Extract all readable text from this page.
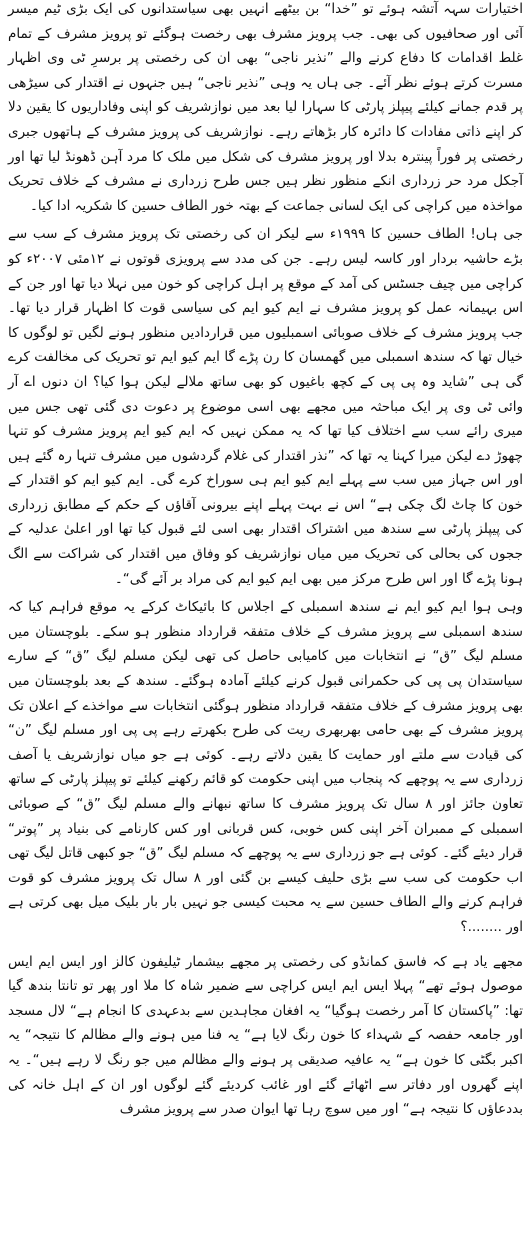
اختیارات سہہ آتشہ ہوئے تو ”خدا“ بن بیٹھے انہیں بھی سیاستدانوں کی ایک بڑی ٹیم میسر آئی اور صحافیوں کی بھی۔ جب پرویز مشرف بھی رخصت ہوگئے تو پرویز مشرف کے تمام غلط اقدامات کا دفاع کرنے والے ”نذیر ناجی“ بھی ان کی رخصتی پر برسرِ ٹی وی اظہار مسرت کرتے ہوئے نظر آئے۔ جی ہاں یہ وہی ”نذیر ناجی“ ہیں جنہوں نے اقتدار کی سیڑھی پر قدم جمانے کیلئے پیپلز پارٹی کا سہارا لیا بعد میں نوازشریف کو اپنی وفاداریوں کا یقین دلا کر اپنے ذاتی مفادات کا دائرہ کار بڑھاتے رہے۔ نوازشریف کی پرویز مشرف کے ہاتھوں جبری رخصتی پر فوراً پینترہ بدلا اور پرویز مشرف کی شکل میں ملک کا مرد آہن ڈھونڈ لیا تھا اور آجکل مرد حر زرداری انکے منظور نظر ہیں جس طرح زرداری نے مشرف کے خلاف تحریک مواخذہ میں کراچی کی ایک لسانی جماعت کے بھتہ خور الطاف حسین کا شکریہ ادا کیا۔

جی ہاں! الطاف حسین کا ١٩٩٩ء سے لیکر ان کی رخصتی تک پرویز مشرف کے سب سے بڑے حاشیہ بردار اور کاسہ لیس رہے۔ جن کی مدد سے پرویزی قوتوں نے ١٢مئی ٢٠٠٧ء کو کراچی میں چیف جسٹس کی آمد کے موقع پر اہل کراچی کو خون میں نہلا دیا تھا اور جن کے اس بہیمانہ عمل کو پرویز مشرف نے ایم کیو ایم کی سیاسی قوت کا اظہار قرار دیا تھا۔ جب پرویز مشرف کے خلاف صوبائی اسمبلیوں میں قراردادیں منظور ہونے لگیں تو لوگوں کا خیال تھا کہ سندھ اسمبلی میں گھمسان کا رن پڑے گا ایم کیو ایم تو تحریک کی مخالفت کرے گی ہی ”شاید وہ پی پی کے کچھ باغیوں کو بھی ساتھ ملالے لیکن ہوا کیا؟ ان دنوں اے آر وائی ٹی وی پر ایک مباحثہ میں مجھے بھی اسی موضوع پر دعوت دی گئی تھی جس میں میری رائے سب سے اختلاف کیا تھا کہ یہ ممکن نہیں کہ ایم کیو ایم پرویز مشرف کو تنہا چھوڑ دے لیکن میرا کہنا یہ تھا کہ ”نذر اقتدار کی غلام گردشوں میں مشرف تنہا رہ گئے ہیں اور اس جہاز میں سب سے پہلے ایم کیو ایم ہی سوراخ کرے گی۔ ایم کیو ایم کو اقتدار کے خون کا چاٹ لگ چکی ہے“ اس نے بہت پہلے اپنے بیرونی آقاؤں کے حکم کے مطابق زرداری کی پیپلز پارٹی سے سندھ میں اشتراک اقتدار بھی اسی لئے قبول کیا تھا اور اعلیٰ عدلیہ کے ججوں کی بحالی کی تحریک میں میاں نوازشریف کو وفاق میں اقتدار کی شراکت سے الگ ہونا پڑے گا اور اس طرح مرکز میں بھی ایم کیو ایم کی مراد بر آئے گی“۔

وہی ہوا ایم کیو ایم نے سندھ اسمبلی کے اجلاس کا بائیکاٹ کرکے یہ موقع فراہم کیا کہ سندھ اسمبلی سے پرویز مشرف کے خلاف متفقہ قرارداد منظور ہو سکے۔ بلوچستان میں مسلم لیگ ”ق“ نے انتخابات میں کامیابی حاصل کی تھی لیکن مسلم لیگ ”ق“ کے سارے سیاستدان پی پی کی حکمرانی قبول کرنے کیلئے آمادہ ہوگئے۔ سندھ کے بعد بلوچستان میں بھی پرویز مشرف کے خلاف متفقہ قرارداد منظور ہوگئی انتخابات سے مواخذے کے اعلان تک پرویز مشرف کے بھی حامی بھربھری ریت کی طرح بکھرتے رہے پی پی اور مسلم لیگ ”ن“ کی قیادت سے ملتے اور حمایت کا یقین دلاتے رہے۔ کوئی ہے جو میاں نوازشریف یا آصف زرداری سے یہ پوچھے کہ پنجاب میں اپنی حکومت کو قائم رکھنے کیلئے تو پیپلز پارٹی کے ساتھ تعاون جائز اور ٨ سال تک پرویز مشرف کا ساتھ نبھانے والے مسلم لیگ ”ق“ کے صوبائی اسمبلی کے ممبران آخر اپنی کس خوبی، کس قربانی اور کس کارنامے کی بنیاد پر ”پوتر“ قرار دیئے گئے۔ کوئی ہے جو زرداری سے یہ پوچھے کہ مسلم لیگ ”ق“ جو کبھی قاتل لیگ تھی اب حکومت کی سب سے بڑی حلیف کیسے بن گئی اور ٨ سال تک پرویز مشرف کو قوت فراہم کرنے والے الطاف حسین سے یہ محبت کیسی جو نہیں بار بار بلیک میل بھی کرتی ہے اور ........؟

مجھے یاد ہے کہ فاسق کمانڈو کی رخصتی پر مجھے بیشمار ٹیلیفون کالز اور ایس ایم ایس موصول ہوئے تھے“ پہلا ایس ایم ایس کراچی سے ضمیر شاہ کا ملا اور پھر تو تانتا بندھ گیا تھا: ”پاکستان کا آمر رخصت ہوگیا“ یہ افغان مجاہدین سے بدعہدی کا انجام ہے“ لال مسجد اور جامعہ حفصہ کے شہداء کا خون رنگ لایا ہے“ یہ فنا میں ہونے والے مظالم کا نتیجہ“ یہ اکبر بگٹی کا خون ہے“ یہ عافیہ صدیقی پر ہونے والے مظالم میں جو رنگ لا رہے ہیں“۔ یہ اپنے گھروں اور دفاتر سے اٹھائے گئے اور غائب کردیئے گئے لوگوں اور ان کے اہل خانہ کی بددعاؤں کا نتیجہ ہے“ اور میں سوچ رہا تھا ایوان صدر سے پرویز مشرف
